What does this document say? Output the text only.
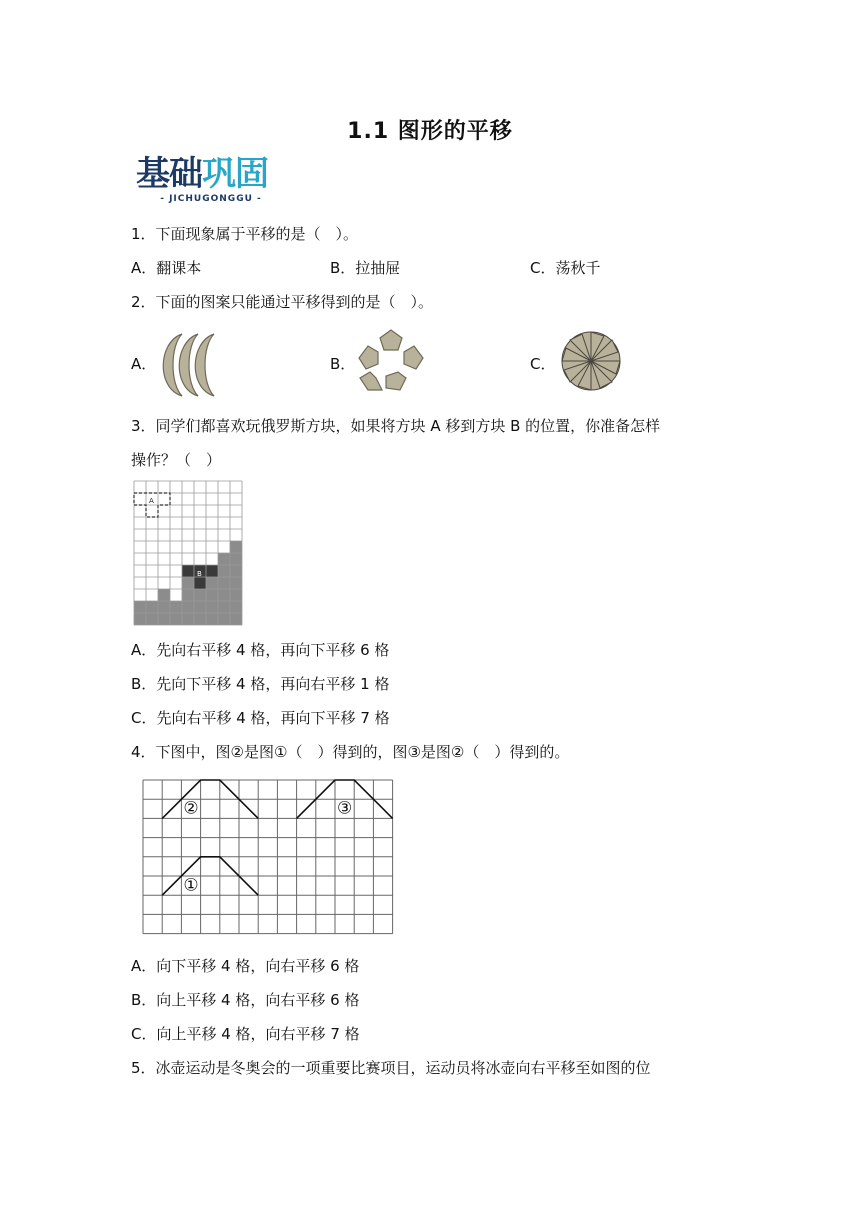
1.1 图形的平移
基础巩固
- JICHUGONGGU -
1．下面现象属于平移的是（　）。
A．翻课本	B．拉抽屉	C．荡秋千
2．下面的图案只能通过平移得到的是（　）。
A．	B．	C．
3．同学们都喜欢玩俄罗斯方块，如果将方块 A 移到方块 B 的位置，你准备怎样
操作？（　）
A
B
A．先向右平移 4 格，再向下平移 6 格
B．先向下平移 4 格，再向右平移 1 格
C．先向右平移 4 格，再向下平移 7 格
4．下图中，图②是图①（　）得到的，图③是图②（　）得到的。
②	③
①
A．向下平移 4 格，向右平移 6 格
B．向上平移 4 格，向右平移 6 格
C．向上平移 4 格，向右平移 7 格
5．冰壶运动是冬奥会的一项重要比赛项目，运动员将冰壶向右平移至如图的位
